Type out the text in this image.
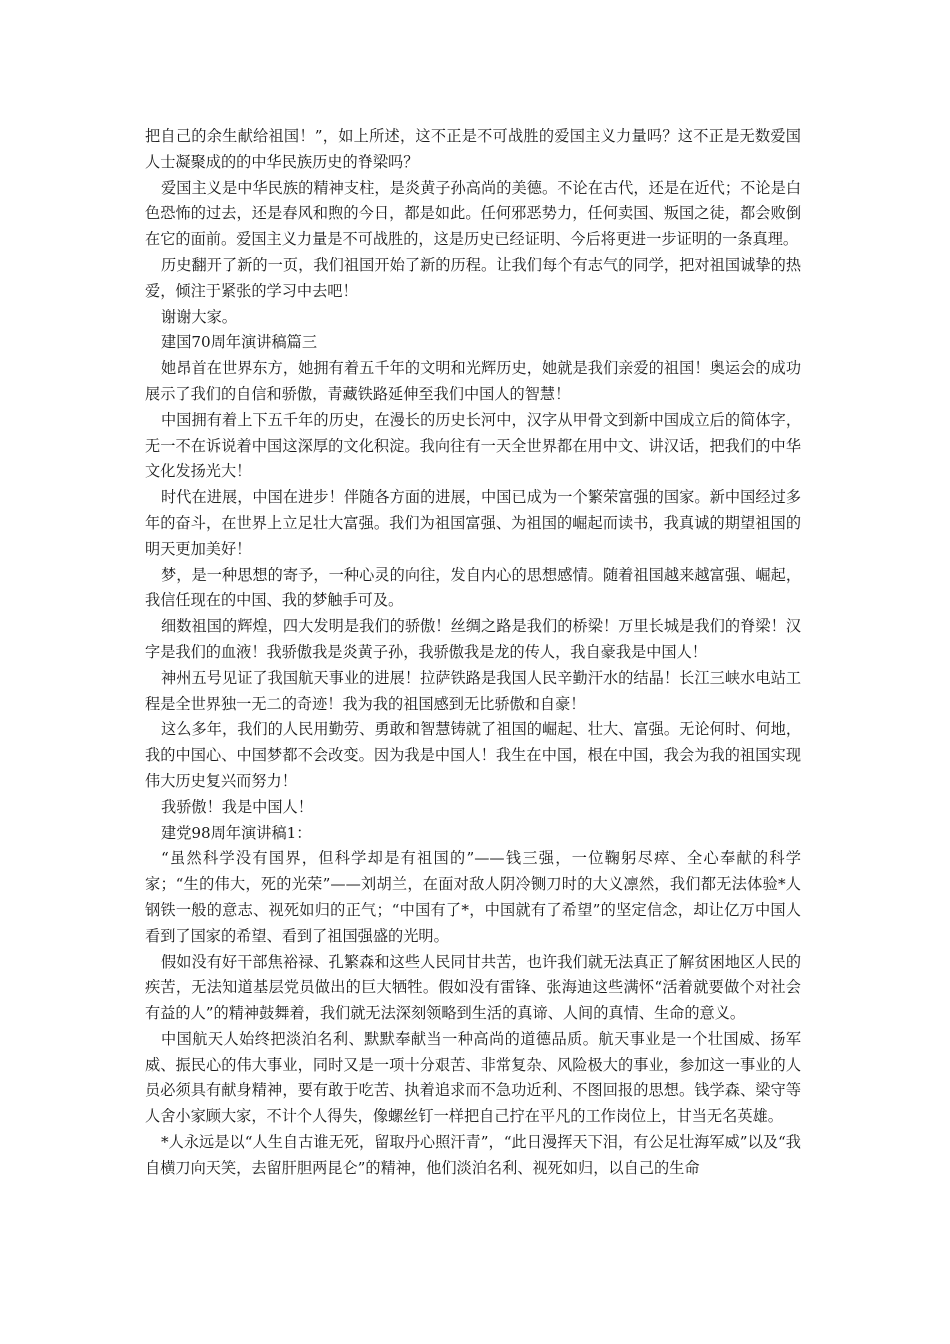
把自己的余生献给祖国！”，如上所述，这不正是不可战胜的爱国主义力量吗？这不正是无数爱国人士凝聚成的的中华民族历史的脊梁吗？

爱国主义是中华民族的精神支柱，是炎黄子孙高尚的美德。不论在古代，还是在近代；不论是白色恐怖的过去，还是春风和煦的今日，都是如此。任何邪恶势力，任何卖国、叛国之徒，都会败倒在它的面前。爱国主义力量是不可战胜的，这是历史已经证明、今后将更进一步证明的一条真理。

历史翻开了新的一页，我们祖国开始了新的历程。让我们每个有志气的同学，把对祖国诚挚的热爱，倾注于紧张的学习中去吧！

谢谢大家。

建国70周年演讲稿篇三

她昂首在世界东方，她拥有着五千年的文明和光辉历史，她就是我们亲爱的祖国！奥运会的成功展示了我们的自信和骄傲，青藏铁路延伸至我们中国人的智慧！

中国拥有着上下五千年的历史，在漫长的历史长河中，汉字从甲骨文到新中国成立后的简体字，无一不在诉说着中国这深厚的文化积淀。我向往有一天全世界都在用中文、讲汉话，把我们的中华文化发扬光大！

时代在进展，中国在进步！伴随各方面的进展，中国已成为一个繁荣富强的国家。新中国经过多年的奋斗，在世界上立足壮大富强。我们为祖国富强、为祖国的崛起而读书，我真诚的期望祖国的明天更加美好！

梦，是一种思想的寄予，一种心灵的向往，发自内心的思想感情。随着祖国越来越富强、崛起，我信任现在的中国、我的梦触手可及。

细数祖国的辉煌，四大发明是我们的骄傲！丝绸之路是我们的桥梁！万里长城是我们的脊梁！汉字是我们的血液！我骄傲我是炎黄子孙，我骄傲我是龙的传人，我自豪我是中国人！

神州五号见证了我国航天事业的进展！拉萨铁路是我国人民辛勤汗水的结晶！长江三峡水电站工程是全世界独一无二的奇迹！我为我的祖国感到无比骄傲和自豪！

这么多年，我们的人民用勤劳、勇敢和智慧铸就了祖国的崛起、壮大、富强。无论何时、何地，我的中国心、中国梦都不会改变。因为我是中国人！我生在中国，根在中国，我会为我的祖国实现伟大历史复兴而努力！

我骄傲！我是中国人！

建党98周年演讲稿1：

“虽然科学没有国界，但科学却是有祖国的”——钱三强，一位鞠躬尽瘁、全心奉献的科学家；“生的伟大，死的光荣”——刘胡兰，在面对敌人阴冷铡刀时的大义凛然，我们都无法体验*人钢铁一般的意志、视死如归的正气；“中国有了*，中国就有了希望”的坚定信念，却让亿万中国人看到了国家的希望、看到了祖国强盛的光明。

假如没有好干部焦裕禄、孔繁森和这些人民同甘共苦，也许我们就无法真正了解贫困地区人民的疾苦，无法知道基层党员做出的巨大牺牲。假如没有雷锋、张海迪这些满怀“活着就要做个对社会有益的人”的精神鼓舞着，我们就无法深刻领略到生活的真谛、人间的真情、生命的意义。

中国航天人始终把淡泊名利、默默奉献当一种高尚的道德品质。航天事业是一个壮国威、扬军威、振民心的伟大事业，同时又是一项十分艰苦、非常复杂、风险极大的事业，参加这一事业的人员必须具有献身精神，要有敢于吃苦、执着追求而不急功近利、不图回报的思想。钱学森、梁守等人舍小家顾大家，不计个人得失，像螺丝钉一样把自己拧在平凡的工作岗位上，甘当无名英雄。

*人永远是以“人生自古谁无死，留取丹心照汗青”，“此日漫挥天下泪，有公足壮海军威”以及“我自横刀向天笑，去留肝胆两昆仑”的精神，他们淡泊名利、视死如归，以自己的生命
